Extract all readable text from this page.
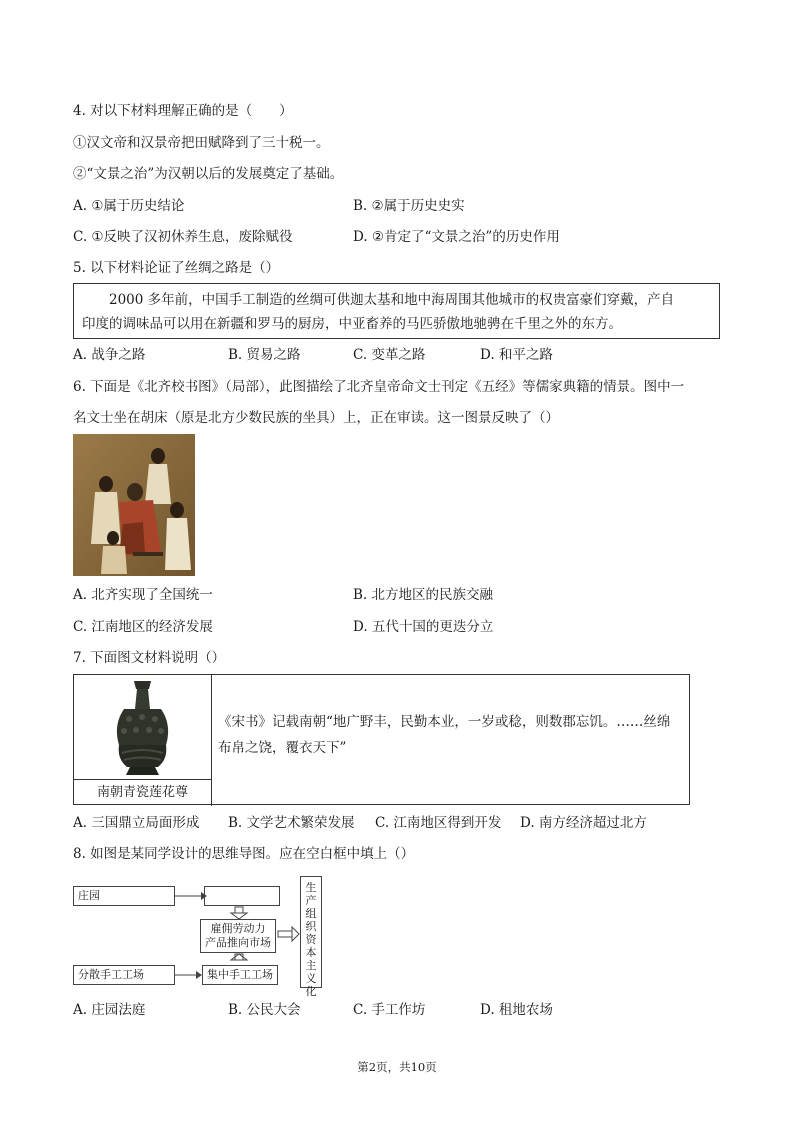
4. 对以下材料理解正确的是（　　）
①汉文帝和汉景帝把田赋降到了三十税一。
②“文景之治”为汉朝以后的发展奠定了基础。
A. ①属于历史结论	B. ②属于历史史实
C. ①反映了汉初休养生息，废除赋役	D. ②肯定了“文景之治”的历史作用
5. 以下材料论证了丝绸之路是（）
2000 多年前，中国手工制造的丝绸可供迦太基和地中海周围其他城市的权贵富豪们穿戴，产自
印度的调味品可以用在新疆和罗马的厨房，中亚畜养的马匹骄傲地驰骋在千里之外的东方。
A. 战争之路	B. 贸易之路	C. 变革之路	D. 和平之路
6. 下面是《北齐校书图》（局部），此图描绘了北齐皇帝命文士刊定《五经》等儒家典籍的情景。图中一
名文士坐在胡床（原是北方少数民族的坐具）上，正在审读。这一图景反映了（）
A. 北齐实现了全国统一	B. 北方地区的民族交融
C. 江南地区的经济发展	D. 五代十国的更迭分立
7. 下面图文材料说明（）
南朝青瓷莲花尊
《宋书》记载南朝“地广野丰，民勤本业，一岁或稔，则数郡忘饥。……丝绵
布帛之饶，覆衣天下”
A. 三国鼎立局面形成 B. 文学艺术繁荣发展 C. 江南地区得到开发 D. 南方经济超过北方
8. 如图是某同学设计的思维导图。应在空白框中填上（）
庄园
雇佣劳动力
产品推向市场
分散手工工场	集中手工工场
生产组织资本主义化
A. 庄园法庭	B. 公民大会	C. 手工作坊	D. 租地农场
第2页，共10页
